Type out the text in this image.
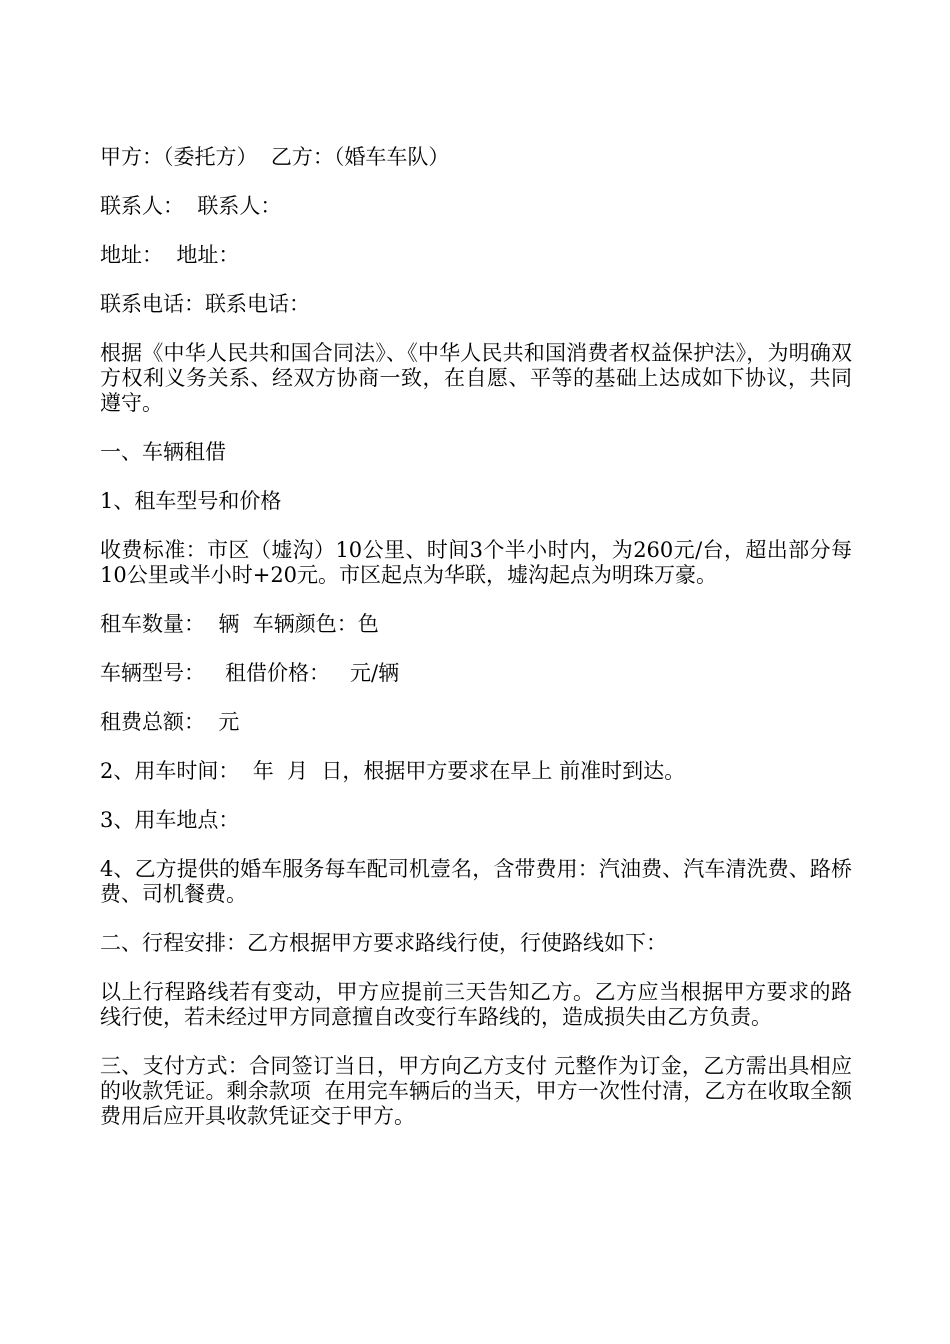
甲方：（委托方）  乙方：（婚车车队）

联系人：  联系人：

地址：  地址：

联系电话：联系电话：

根据《中华人民共和国合同法》、《中华人民共和国消费者权益保护法》，为明确双方权利义务关系、经双方协商一致，在自愿、平等的基础上达成如下协议，共同遵守。

一、车辆租借

1、租车型号和价格

收费标准：市区（墟沟）10公里、时间3个半小时内，为260元/台，超出部分每10公里或半小时+20元。市区起点为华联，墟沟起点为明珠万豪。

租车数量：  辆  车辆颜色：色

车辆型号：   租借价格：   元/辆

租费总额：  元

2、用车时间：  年  月  日，根据甲方要求在早上 前准时到达。

3、用车地点：

4、乙方提供的婚车服务每车配司机壹名，含带费用：汽油费、汽车清洗费、路桥费、司机餐费。

二、行程安排：乙方根据甲方要求路线行使，行使路线如下：

以上行程路线若有变动，甲方应提前三天告知乙方。乙方应当根据甲方要求的路线行使，若未经过甲方同意擅自改变行车路线的，造成损失由乙方负责。

三、支付方式：合同签订当日，甲方向乙方支付 元整作为订金，乙方需出具相应的收款凭证。剩余款项  在用完车辆后的当天，甲方一次性付清，乙方在收取全额费用后应开具收款凭证交于甲方。
